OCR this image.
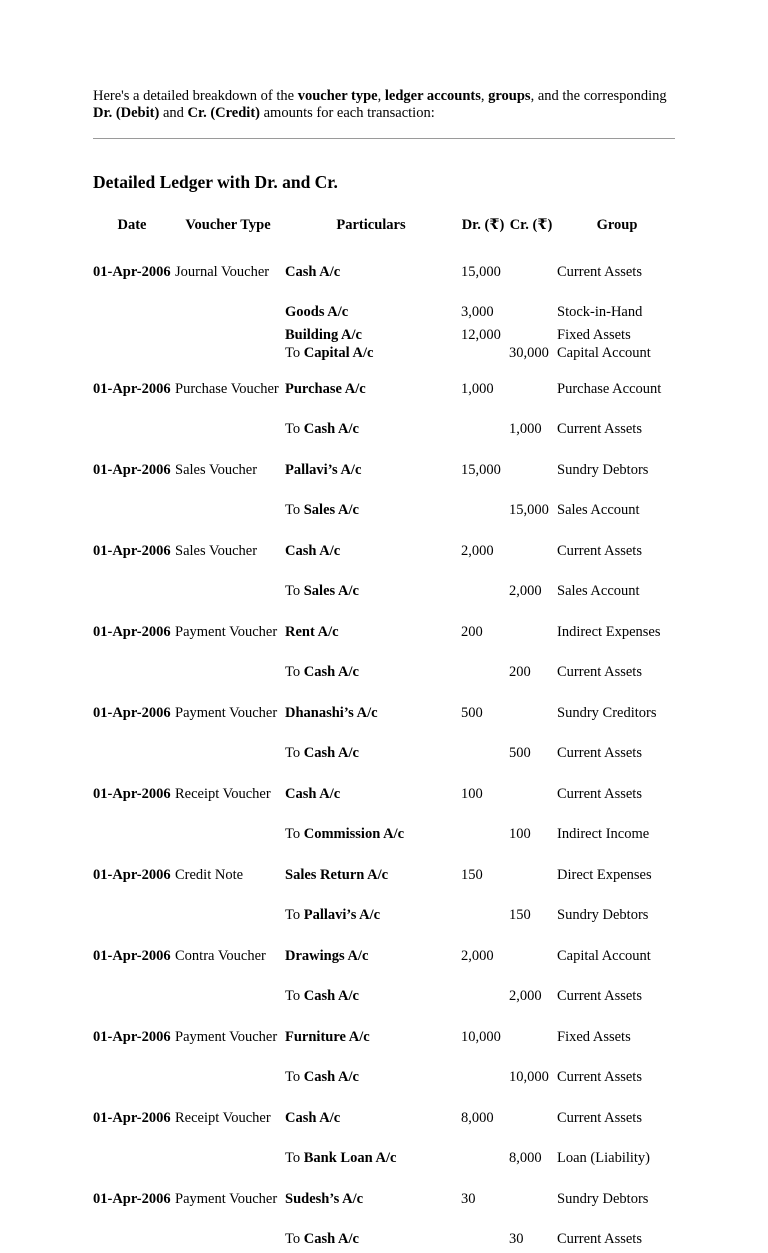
Here's a detailed breakdown of the voucher type, ledger accounts, groups, and the corresponding Dr. (Debit) and Cr. (Credit) amounts for each transaction:

Detailed Ledger with Dr. and Cr.
Date	Voucher Type	Particulars	Dr. (₹)	Cr. (₹)	Group
01-Apr-2006	Journal Voucher	Cash A/c	15,000		Current Assets
		Goods A/c	3,000		Stock-in-Hand
		Building A/c	12,000		Fixed Assets
		To Capital A/c		30,000	Capital Account
01-Apr-2006	Purchase Voucher	Purchase A/c	1,000		Purchase Account
		To Cash A/c		1,000	Current Assets
01-Apr-2006	Sales Voucher	Pallavi’s A/c	15,000		Sundry Debtors
		To Sales A/c		15,000	Sales Account
01-Apr-2006	Sales Voucher	Cash A/c	2,000		Current Assets
		To Sales A/c		2,000	Sales Account
01-Apr-2006	Payment Voucher	Rent A/c	200		Indirect Expenses
		To Cash A/c		200	Current Assets
01-Apr-2006	Payment Voucher	Dhanashi’s A/c	500		Sundry Creditors
		To Cash A/c		500	Current Assets
01-Apr-2006	Receipt Voucher	Cash A/c	100		Current Assets
		To Commission A/c		100	Indirect Income
01-Apr-2006	Credit Note	Sales Return A/c	150		Direct Expenses
		To Pallavi’s A/c		150	Sundry Debtors
01-Apr-2006	Contra Voucher	Drawings A/c	2,000		Capital Account
		To Cash A/c		2,000	Current Assets
01-Apr-2006	Payment Voucher	Furniture A/c	10,000		Fixed Assets
		To Cash A/c		10,000	Current Assets
01-Apr-2006	Receipt Voucher	Cash A/c	8,000		Current Assets
		To Bank Loan A/c		8,000	Loan (Liability)
01-Apr-2006	Payment Voucher	Sudesh’s A/c	30		Sundry Debtors
		To Cash A/c		30	Current Assets
